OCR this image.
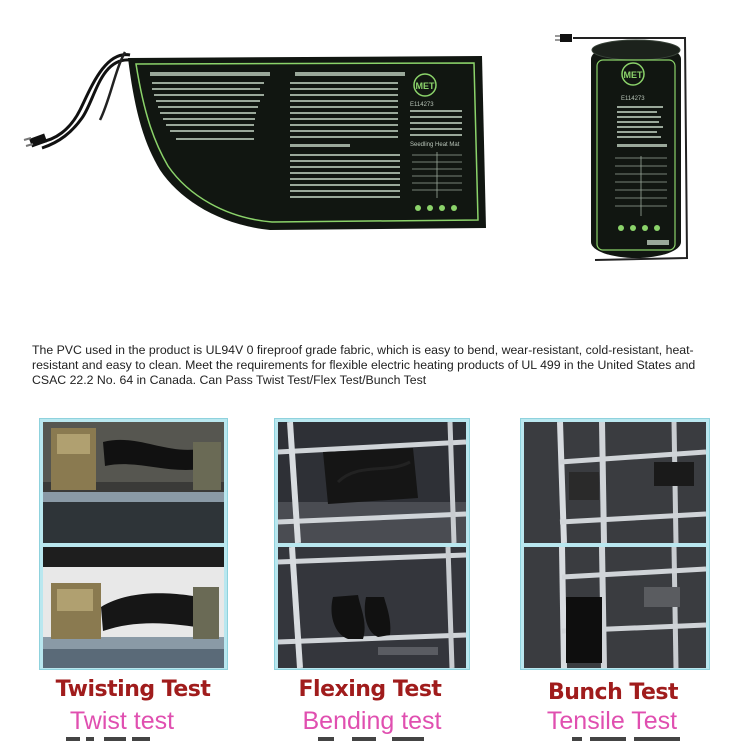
MET
E114273
Seedling Heat Mat
MET
E114273
The PVC used in the product is UL94V 0 fireproof grade fabric, which is easy to bend, wear-resistant, cold-resistant, heat-resistant and easy to clean. Meet the requirements for flexible electric heating products of UL 499 in the United States and CSAC 22.2 No. 64 in Canada. Can Pass Twist Test/Flex Test/Bunch Test
Twisting Test
Twist test
Flexing Test
Bending test
Bunch Test
Tensile Test
